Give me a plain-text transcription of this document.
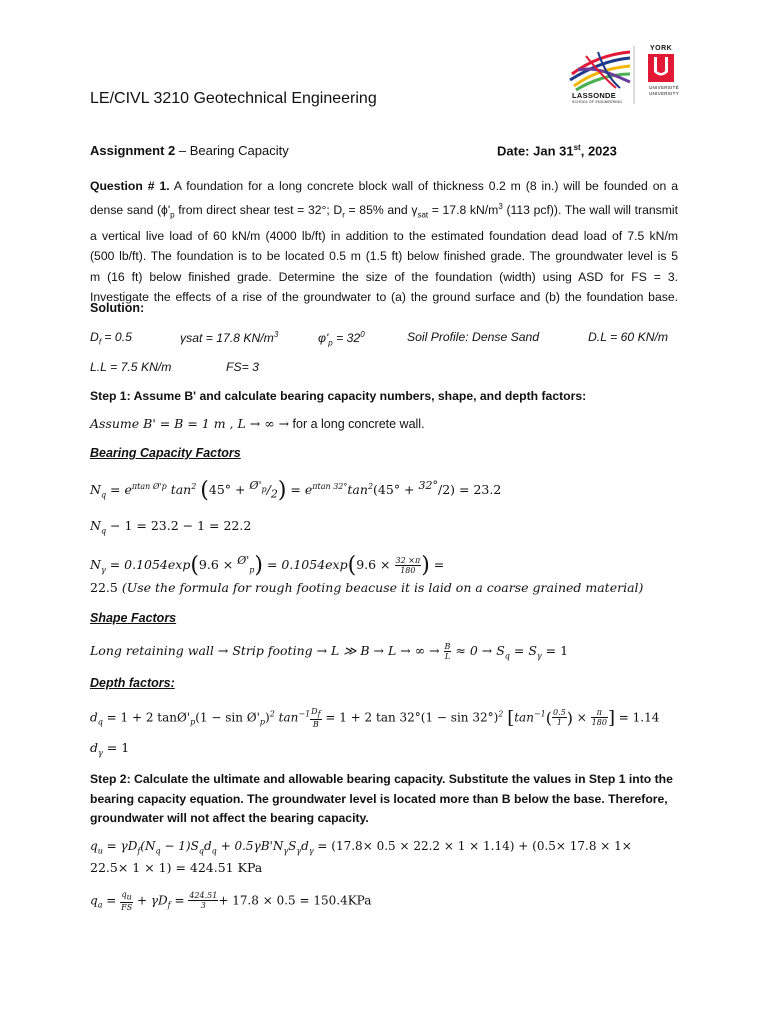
LASSONDE
SCHOOL OF ENGINEERING
YORK
UNIVERSITÉ
UNIVERSITY
LE/CIVL 3210 Geotechnical Engineering
Assignment 2 – Bearing Capacity	Date: Jan 31st, 2023
Question # 1. A foundation for a long concrete block wall of thickness 0.2 m (8 in.) will be founded on a
dense sand ($\phi'_p$ from direct shear test = 32°; $D_r = 85\%$ and $\gamma_{sat} = 17.8$ $kN/m^3$ (113 pcf)). The wall will transmit
a vertical live load of 60 kN/m (4000 lb/ft) in addition to the estimated foundation dead load of 7.5 kN/m
(500 lb/ft). The foundation is to be located 0.5 m (1.5 ft) below finished grade. The groundwater level is 5
m (16 ft) below finished grade. Determine the size of the foundation (width) using ASD for FS = 3.
Investigate the effects of a rise of the groundwater to (a) the ground surface and (b) the foundation base.
Solution:
$D_f = 0.5$	γsat = 17.8 $KN/m^3$	$\varphi'_p = 32^0$	Soil Profile: Dense Sand	D.L = 60 KN/m
L.L = 7.5 KN/m	FS= 3
Step 1: Assume B' and calculate bearing capacity numbers, shape, and depth factors:
Assume B' = B = 1 m , L → ∞ → for a long concrete wall.
Bearing Capacity Factors
$N_q = e^{\pi tan Ø'p}$ $\tan^2 (45^\circ + ^{Ø'_p}/_2) = e^{\pi tan 32^\circ}\tan^2(45^\circ + ^{32^\circ}/2) = 23.2$
$N_q - 1 = 23.2 - 1 = 22.2$
$N_\gamma = 0.1054\exp(9.6 \times ^{Ø'}_p) = 0.1054\exp(9.6 \times \frac{32 \times\pi}{180}$ ) =
22.5 (Use the formula for rough footing beacuse it is laid on a coarse grained material)
Shape Factors
Long retaining wall → Strip footing → L ≫ B → L → ∞ → $\frac{B}{L} \approx 0 \to S_q = S_\gamma = 1$
Depth factors:
$d_q = 1 + 2$ $\tan Ø'_p(1 - \sin$ $Ø'_p)^2$ $\tan^{-1} \frac{D_f}{B} = 1 + 2$ $\tan 32^\circ(1 - \sin 32^\circ)^2$ [$\tan^{-1}( \frac{0.5}{1}$ ) × $\frac{\pi}{180}$ ] = 1.14
$d_\gamma = 1$
Step 2: Calculate the ultimate and allowable bearing capacity. Substitute the values in Step 1 into the
bearing capacity equation. The groundwater level is located more than B below the base. Therefore,
groundwater will not affect the bearing capacity.
$q_u = \gamma D_f(N_q - 1)S_qd_q + 0.5\gamma B'N_\gamma S_\gamma d_\gamma = (17.8\times 0.5 \times 22.2 \times 1 \times 1.14) + (0.5\times 17.8 \times 1\times$
22.5× 1 × 1) = 424.51 KPa
$q_a = \frac{q_u}{FS} + \gamma D_f = \frac{424.51}{3} + 17.8 \times 0.5 = 150.4KPa$
